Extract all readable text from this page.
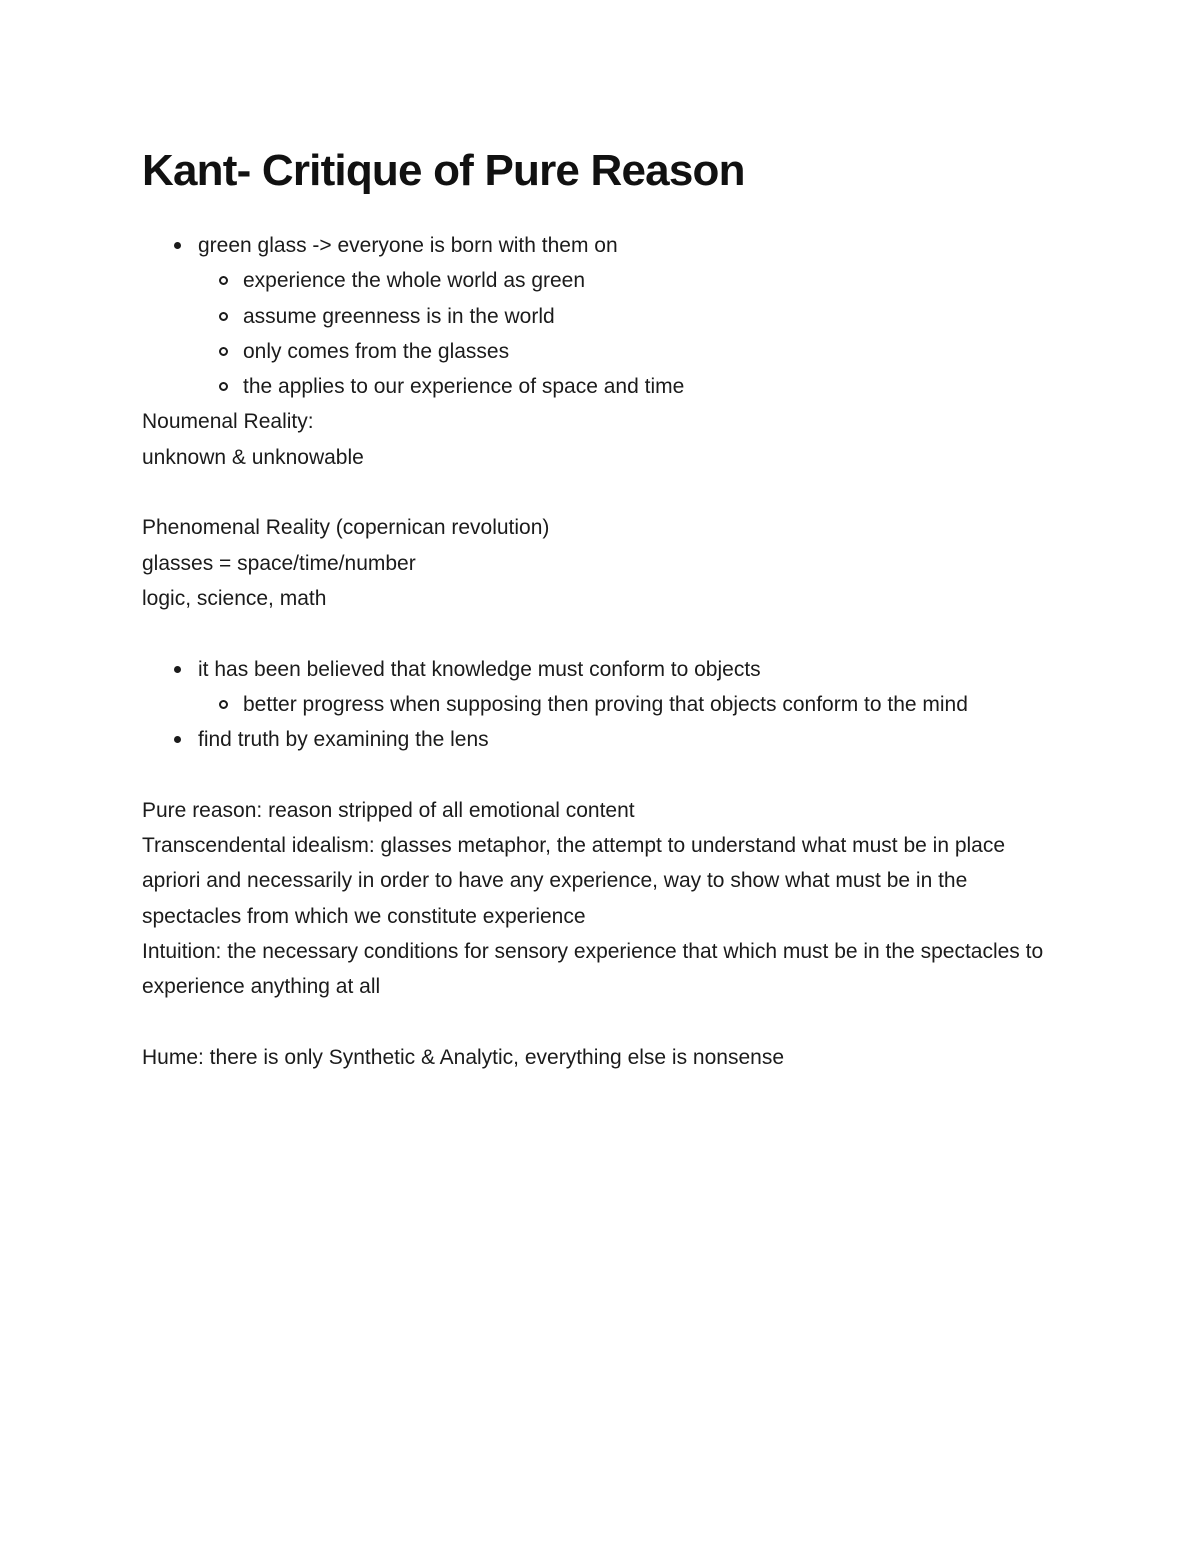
Kant- Critique of Pure Reason
green glass -> everyone is born with them on
experience the whole world as green
assume greenness is in the world
only comes from the glasses
the applies to our experience of space and time
Noumenal Reality:
unknown & unknowable
Phenomenal Reality (copernican revolution)
glasses = space/time/number
logic, science, math
it has been believed that knowledge must conform to objects
better progress when supposing then proving that objects conform to the mind
find truth by examining the lens
Pure reason: reason stripped of all emotional content
Transcendental idealism: glasses metaphor, the attempt to understand what must be in place apriori and necessarily in order to have any experience, way to show what must be in the spectacles from which we constitute experience
Intuition: the necessary conditions for sensory experience that which must be in the spectacles to experience anything at all
Hume: there is only Synthetic & Analytic, everything else is nonsense
